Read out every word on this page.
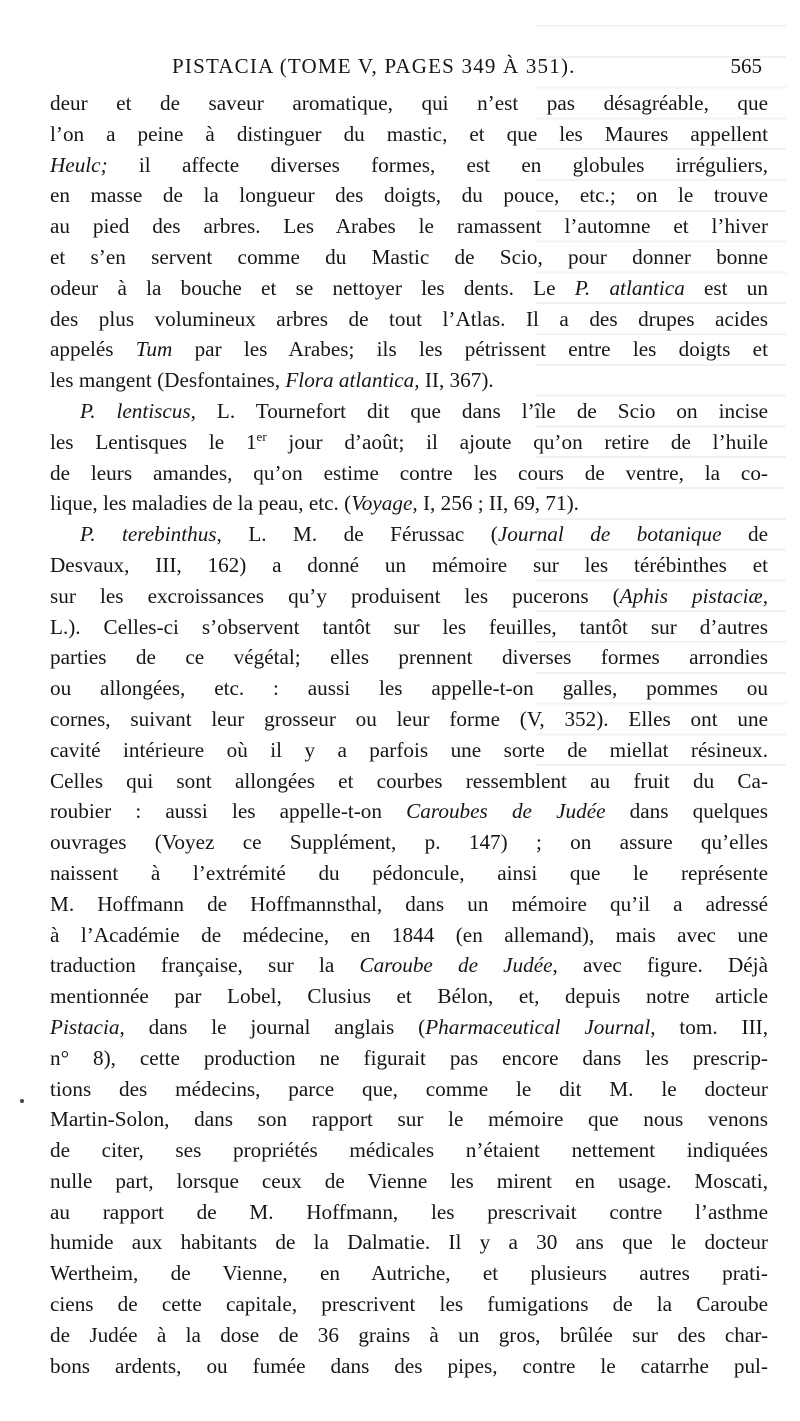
PISTACIA (TOME V, PAGES 349 À 351).	565
deur et de saveur aromatique, qui n’est pas désagréable, que
l’on a peine à distinguer du mastic, et que les Maures appellent
Heulc; il affecte diverses formes, est en globules irréguliers,
en masse de la longueur des doigts, du pouce, etc.; on le trouve
au pied des arbres. Les Arabes le ramassent l’automne et l’hiver
et s’en servent comme du Mastic de Scio, pour donner bonne
odeur à la bouche et se nettoyer les dents. Le P. atlantica est un
des plus volumineux arbres de tout l’Atlas. Il a des drupes acides
appelés Tum par les Arabes; ils les pétrissent entre les doigts et
les mangent (Desfontaines, Flora atlantica, II, 367).
P. lentiscus, L. Tournefort dit que dans l’île de Scio on incise
les Lentisques le 1er jour d’août; il ajoute qu’on retire de l’huile
de leurs amandes, qu’on estime contre les cours de ventre, la co-
lique, les maladies de la peau, etc. (Voyage, I, 256 ; II, 69, 71).
P. terebinthus, L. M. de Férussac (Journal de botanique de
Desvaux, III, 162) a donné un mémoire sur les térébinthes et
sur les excroissances qu’y produisent les pucerons (Aphis pistaciæ,
L.). Celles-ci s’observent tantôt sur les feuilles, tantôt sur d’autres
parties de ce végétal; elles prennent diverses formes arrondies
ou allongées, etc. : aussi les appelle-t-on galles, pommes ou
cornes, suivant leur grosseur ou leur forme (V, 352). Elles ont une
cavité intérieure où il y a parfois une sorte de miellat résineux.
Celles qui sont allongées et courbes ressemblent au fruit du Ca-
roubier : aussi les appelle-t-on Caroubes de Judée dans quelques
ouvrages (Voyez ce Supplément, p. 147) ; on assure qu’elles
naissent à l’extrémité du pédoncule, ainsi que le représente
M. Hoffmann de Hoffmannsthal, dans un mémoire qu’il a adressé
à l’Académie de médecine, en 1844 (en allemand), mais avec une
traduction française, sur la Caroube de Judée, avec figure. Déjà
mentionnée par Lobel, Clusius et Bélon, et, depuis notre article
Pistacia, dans le journal anglais (Pharmaceutical Journal, tom. III,
n° 8), cette production ne figurait pas encore dans les prescrip-
tions des médecins, parce que, comme le dit M. le docteur
Martin-Solon, dans son rapport sur le mémoire que nous venons
de citer, ses propriétés médicales n’étaient nettement indiquées
nulle part, lorsque ceux de Vienne les mirent en usage. Moscati,
au rapport de M. Hoffmann, les prescrivait contre l’asthme
humide aux habitants de la Dalmatie. Il y a 30 ans que le docteur
Wertheim, de Vienne, en Autriche, et plusieurs autres prati-
ciens de cette capitale, prescrivent les fumigations de la Caroube
de Judée à la dose de 36 grains à un gros, brûlée sur des char-
bons ardents, ou fumée dans des pipes, contre le catarrhe pul-
